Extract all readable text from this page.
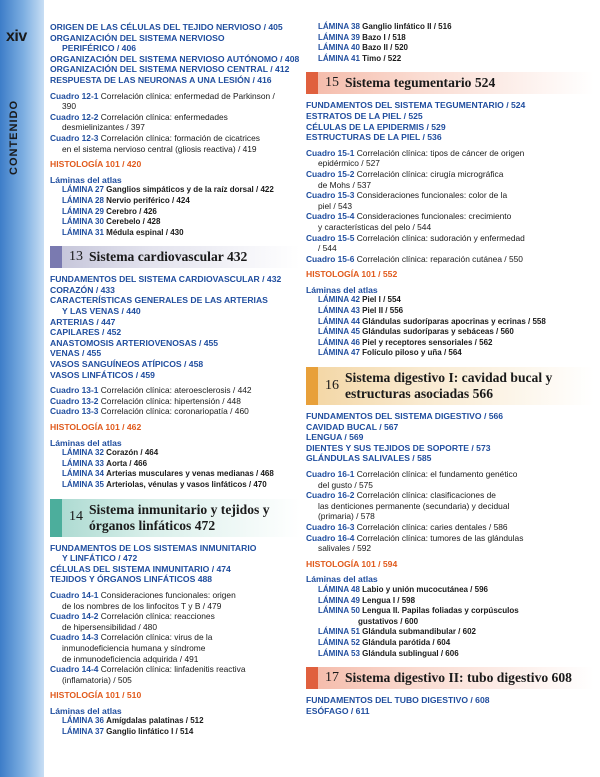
xiv
CONTENIDO
ORIGEN DE LAS CÉLULAS DEL TEJIDO NERVIOSO / 405
ORGANIZACIÓN DEL SISTEMA NERVIOSO
PERIFÉRICO / 406
ORGANIZACIÓN DEL SISTEMA NERVIOSO AUTÓNOMO / 408
ORGANIZACIÓN DEL SISTEMA NERVIOSO CENTRAL / 412
RESPUESTA DE LAS NEURONAS A UNA LESIÓN / 416
Cuadro 12-1 Correlación clínica: enfermedad de Parkinson /
390
Cuadro 12-2 Correlación clínica: enfermedades
desmielinizantes / 397
Cuadro 12-3 Correlación clínica: formación de cicatrices
en el sistema nervioso central (gliosis reactiva) / 419
HISTOLOGÍA 101 / 420
Láminas del atlas
LÁMINA 27 Ganglios simpáticos y de la raíz dorsal / 422
LÁMINA 28 Nervio periférico / 424
LÁMINA 29 Cerebro / 426
LÁMINA 30 Cerebelo / 428
LÁMINA 31 Médula espinal / 430
13 Sistema cardiovascular 432
FUNDAMENTOS DEL SISTEMA CARDIOVASCULAR / 432
CORAZÓN / 433
CARACTERÍSTICAS GENERALES DE LAS ARTERIAS
Y LAS VENAS / 440
ARTERIAS / 447
CAPILARES / 452
ANASTOMOSIS ARTERIOVENOSAS / 455
VENAS / 455
VASOS SANGUÍNEOS ATÍPICOS / 458
VASOS LINFÁTICOS / 459
Cuadro 13-1 Correlación clínica: ateroesclerosis / 442
Cuadro 13-2 Correlación clínica: hipertensión / 448
Cuadro 13-3 Correlación clínica: coronariopatía / 460
HISTOLOGÍA 101 / 462
Láminas del atlas
LÁMINA 32 Corazón / 464
LÁMINA 33 Aorta / 466
LÁMINA 34 Arterias musculares y venas medianas / 468
LÁMINA 35 Arteriolas, vénulas y vasos linfáticos / 470
14
Sistema inmunitario y tejidos y órganos linfáticos 472
FUNDAMENTOS DE LOS SISTEMAS INMUNITARIO
Y LINFÁTICO / 472
CÉLULAS DEL SISTEMA INMUNITARIO / 474
TEJIDOS Y ÓRGANOS LINFÁTICOS 488
Cuadro 14-1 Consideraciones funcionales: origen
de los nombres de los linfocitos T y B / 479
Cuadro 14-2 Correlación clínica: reacciones
de hipersensibilidad / 480
Cuadro 14-3 Correlación clínica: virus de la
inmunodeficiencia humana y síndrome
de inmunodeficiencia adquirida / 491
Cuadro 14-4 Correlación clínica: linfadenitis reactiva
(inflamatoria) / 505
HISTOLOGÍA 101 / 510
Láminas del atlas
LÁMINA 36 Amígdalas palatinas / 512
LÁMINA 37 Ganglio linfático I / 514
LÁMINA 38 Ganglio linfático II / 516
LÁMINA 39 Bazo I / 518
LÁMINA 40 Bazo II / 520
LÁMINA 41 Timo / 522
15 Sistema tegumentario 524
FUNDAMENTOS DEL SISTEMA TEGUMENTARIO / 524
ESTRATOS DE LA PIEL / 525
CÉLULAS DE LA EPIDERMIS / 529
ESTRUCTURAS DE LA PIEL / 536
Cuadro 15-1 Correlación clínica: tipos de cáncer de origen
epidérmico / 527
Cuadro 15-2 Correlación clínica: cirugía micrográfica
de Mohs / 537
Cuadro 15-3 Consideraciones funcionales: color de la
piel / 543
Cuadro 15-4 Consideraciones funcionales: crecimiento
y características del pelo / 544
Cuadro 15-5 Correlación clínica: sudoración y enfermedad
/ 544
Cuadro 15-6 Correlación clínica: reparación cutánea / 550
HISTOLOGÍA 101 / 552
Láminas del atlas
LÁMINA 42 Piel I / 554
LÁMINA 43 Piel II / 556
LÁMINA 44 Glándulas sudoríparas apocrinas y ecrinas / 558
LÁMINA 45 Glándulas sudoríparas y sebáceas / 560
LÁMINA 46 Piel y receptores sensoriales / 562
LÁMINA 47 Folículo piloso y uña / 564
16
Sistema digestivo I: cavidad bucal y estructuras asociadas 566
FUNDAMENTOS DEL SISTEMA DIGESTIVO / 566
CAVIDAD BUCAL / 567
LENGUA / 569
DIENTES Y SUS TEJIDOS DE SOPORTE / 573
GLÁNDULAS SALIVALES / 585
Cuadro 16-1 Correlación clínica: el fundamento genético
del gusto / 575
Cuadro 16-2 Correlación clínica: clasificaciones de
las denticiones permanente (secundaria) y decidual
(primaria) / 578
Cuadro 16-3 Correlación clínica: caries dentales / 586
Cuadro 16-4 Correlación clínica: tumores de las glándulas
salivales / 592
HISTOLOGÍA 101 / 594
Láminas del atlas
LÁMINA 48 Labio y unión mucocutánea / 596
LÁMINA 49 Lengua I / 598
LÁMINA 50 Lengua II. Papilas foliadas y corpúsculos
gustativos / 600
LÁMINA 51 Glándula submandibular / 602
LÁMINA 52 Glándula parótida / 604
LÁMINA 53 Glándula sublingual / 606
17 Sistema digestivo II: tubo digestivo 608
FUNDAMENTOS DEL TUBO DIGESTIVO / 608
ESÓFAGO / 611
